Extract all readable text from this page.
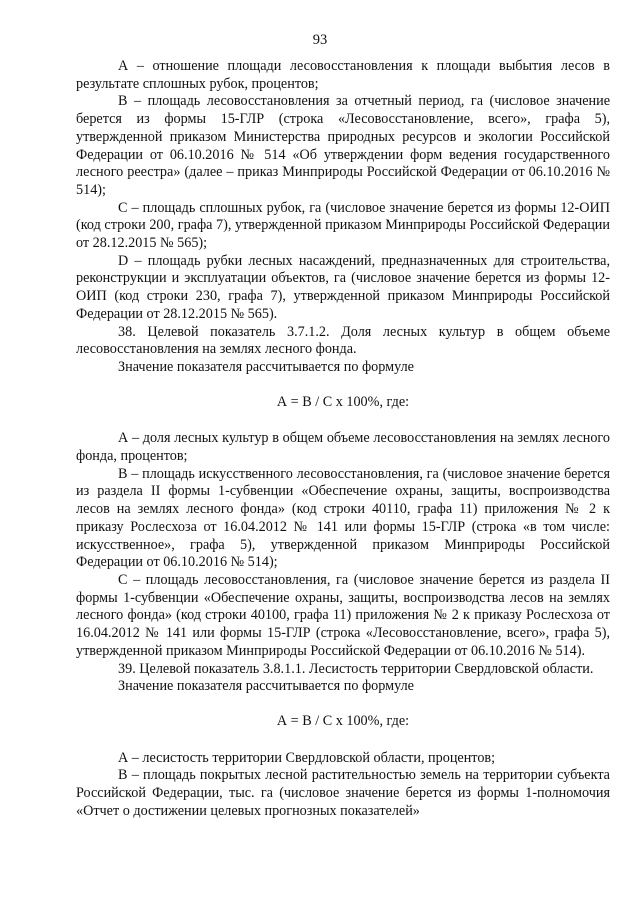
93

А – отношение площади лесовосстановления к площади выбытия лесов в результате сплошных рубок, процентов;

В – площадь лесовосстановления за отчетный период, га (числовое значение берется из формы 15-ГЛР (строка «Лесовосстановление, всего», графа 5), утвержденной приказом Министерства природных ресурсов и экологии Российской Федерации от 06.10.2016 № 514 «Об утверждении форм ведения государственного лесного реестра» (далее – приказ Минприроды Российской Федерации от 06.10.2016 № 514);

С – площадь сплошных рубок, га (числовое значение берется из формы 12-ОИП (код строки 200, графа 7), утвержденной приказом Минприроды Российской Федерации от 28.12.2015 № 565);

D – площадь рубки лесных насаждений, предназначенных для строительства, реконструкции и эксплуатации объектов, га (числовое значение берется из формы 12-ОИП (код строки 230, графа 7), утвержденной приказом Минприроды Российской Федерации от 28.12.2015 № 565).

38. Целевой показатель 3.7.1.2. Доля лесных культур в общем объеме лесовосстановления на землях лесного фонда.

Значение показателя рассчитывается по формуле

А = В / С х 100%, где:

А – доля лесных культур в общем объеме лесовосстановления на землях лесного фонда, процентов;

В – площадь искусственного лесовосстановления, га (числовое значение берется из раздела II формы 1-субвенции «Обеспечение охраны, защиты, воспроизводства лесов на землях лесного фонда» (код строки 40110, графа 11) приложения № 2 к приказу Рослесхоза от 16.04.2012 № 141 или формы 15-ГЛР (строка «в том числе: искусственное», графа 5), утвержденной приказом Минприроды Российской Федерации от 06.10.2016 № 514);

С – площадь лесовосстановления, га (числовое значение берется из раздела II формы 1-субвенции «Обеспечение охраны, защиты, воспроизводства лесов на землях лесного фонда» (код строки 40100, графа 11) приложения № 2 к приказу Рослесхоза от 16.04.2012 № 141 или формы 15-ГЛР (строка «Лесовосстановление, всего», графа 5), утвержденной приказом Минприроды Российской Федерации от 06.10.2016 № 514).

39. Целевой показатель 3.8.1.1. Лесистость территории Свердловской области.

Значение показателя рассчитывается по формуле

А = В / С х 100%, где:

А – лесистость территории Свердловской области, процентов;

В – площадь покрытых лесной растительностью земель на территории субъекта Российской Федерации, тыс. га (числовое значение берется из формы 1-полномочия «Отчет о достижении целевых прогнозных показателей»
